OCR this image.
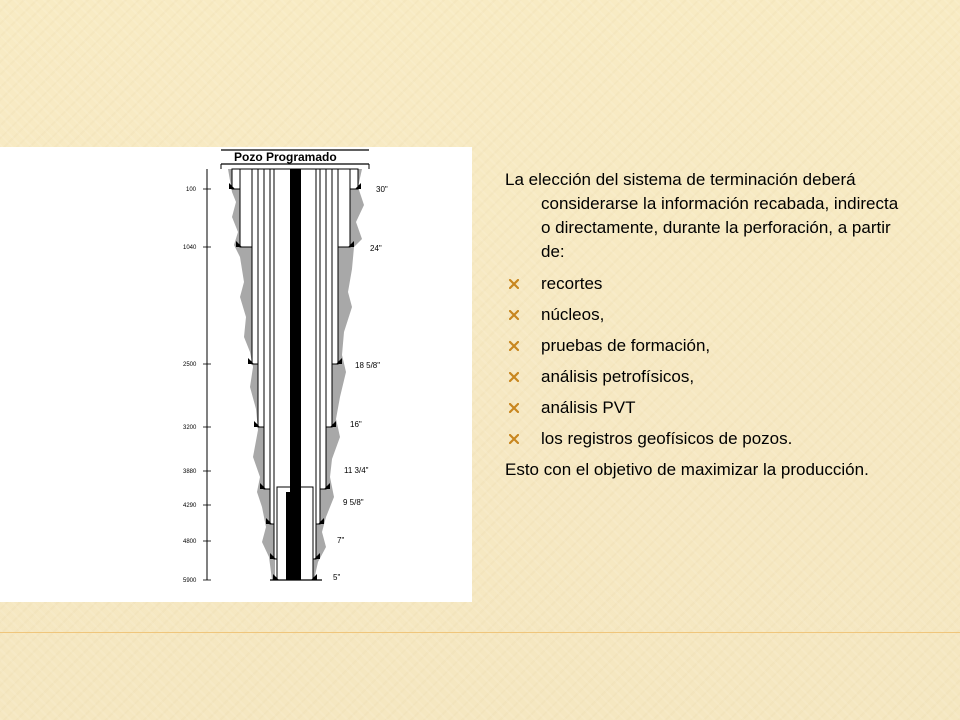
Pozo Programado
100
1040
2500
3200
3880
4290
4800
5900
30"
24"
18 5/8"
16"
11 3/4"
9 5/8"
7"
5"

La elección del sistema de terminación deberá considerarse la información recabada, indirecta o directamente, durante la perforación, a partir de:

recortes
núcleos,
pruebas de formación,
análisis petrofísicos,
análisis PVT
los registros geofísicos de pozos.

Esto con el objetivo de maximizar la producción.
